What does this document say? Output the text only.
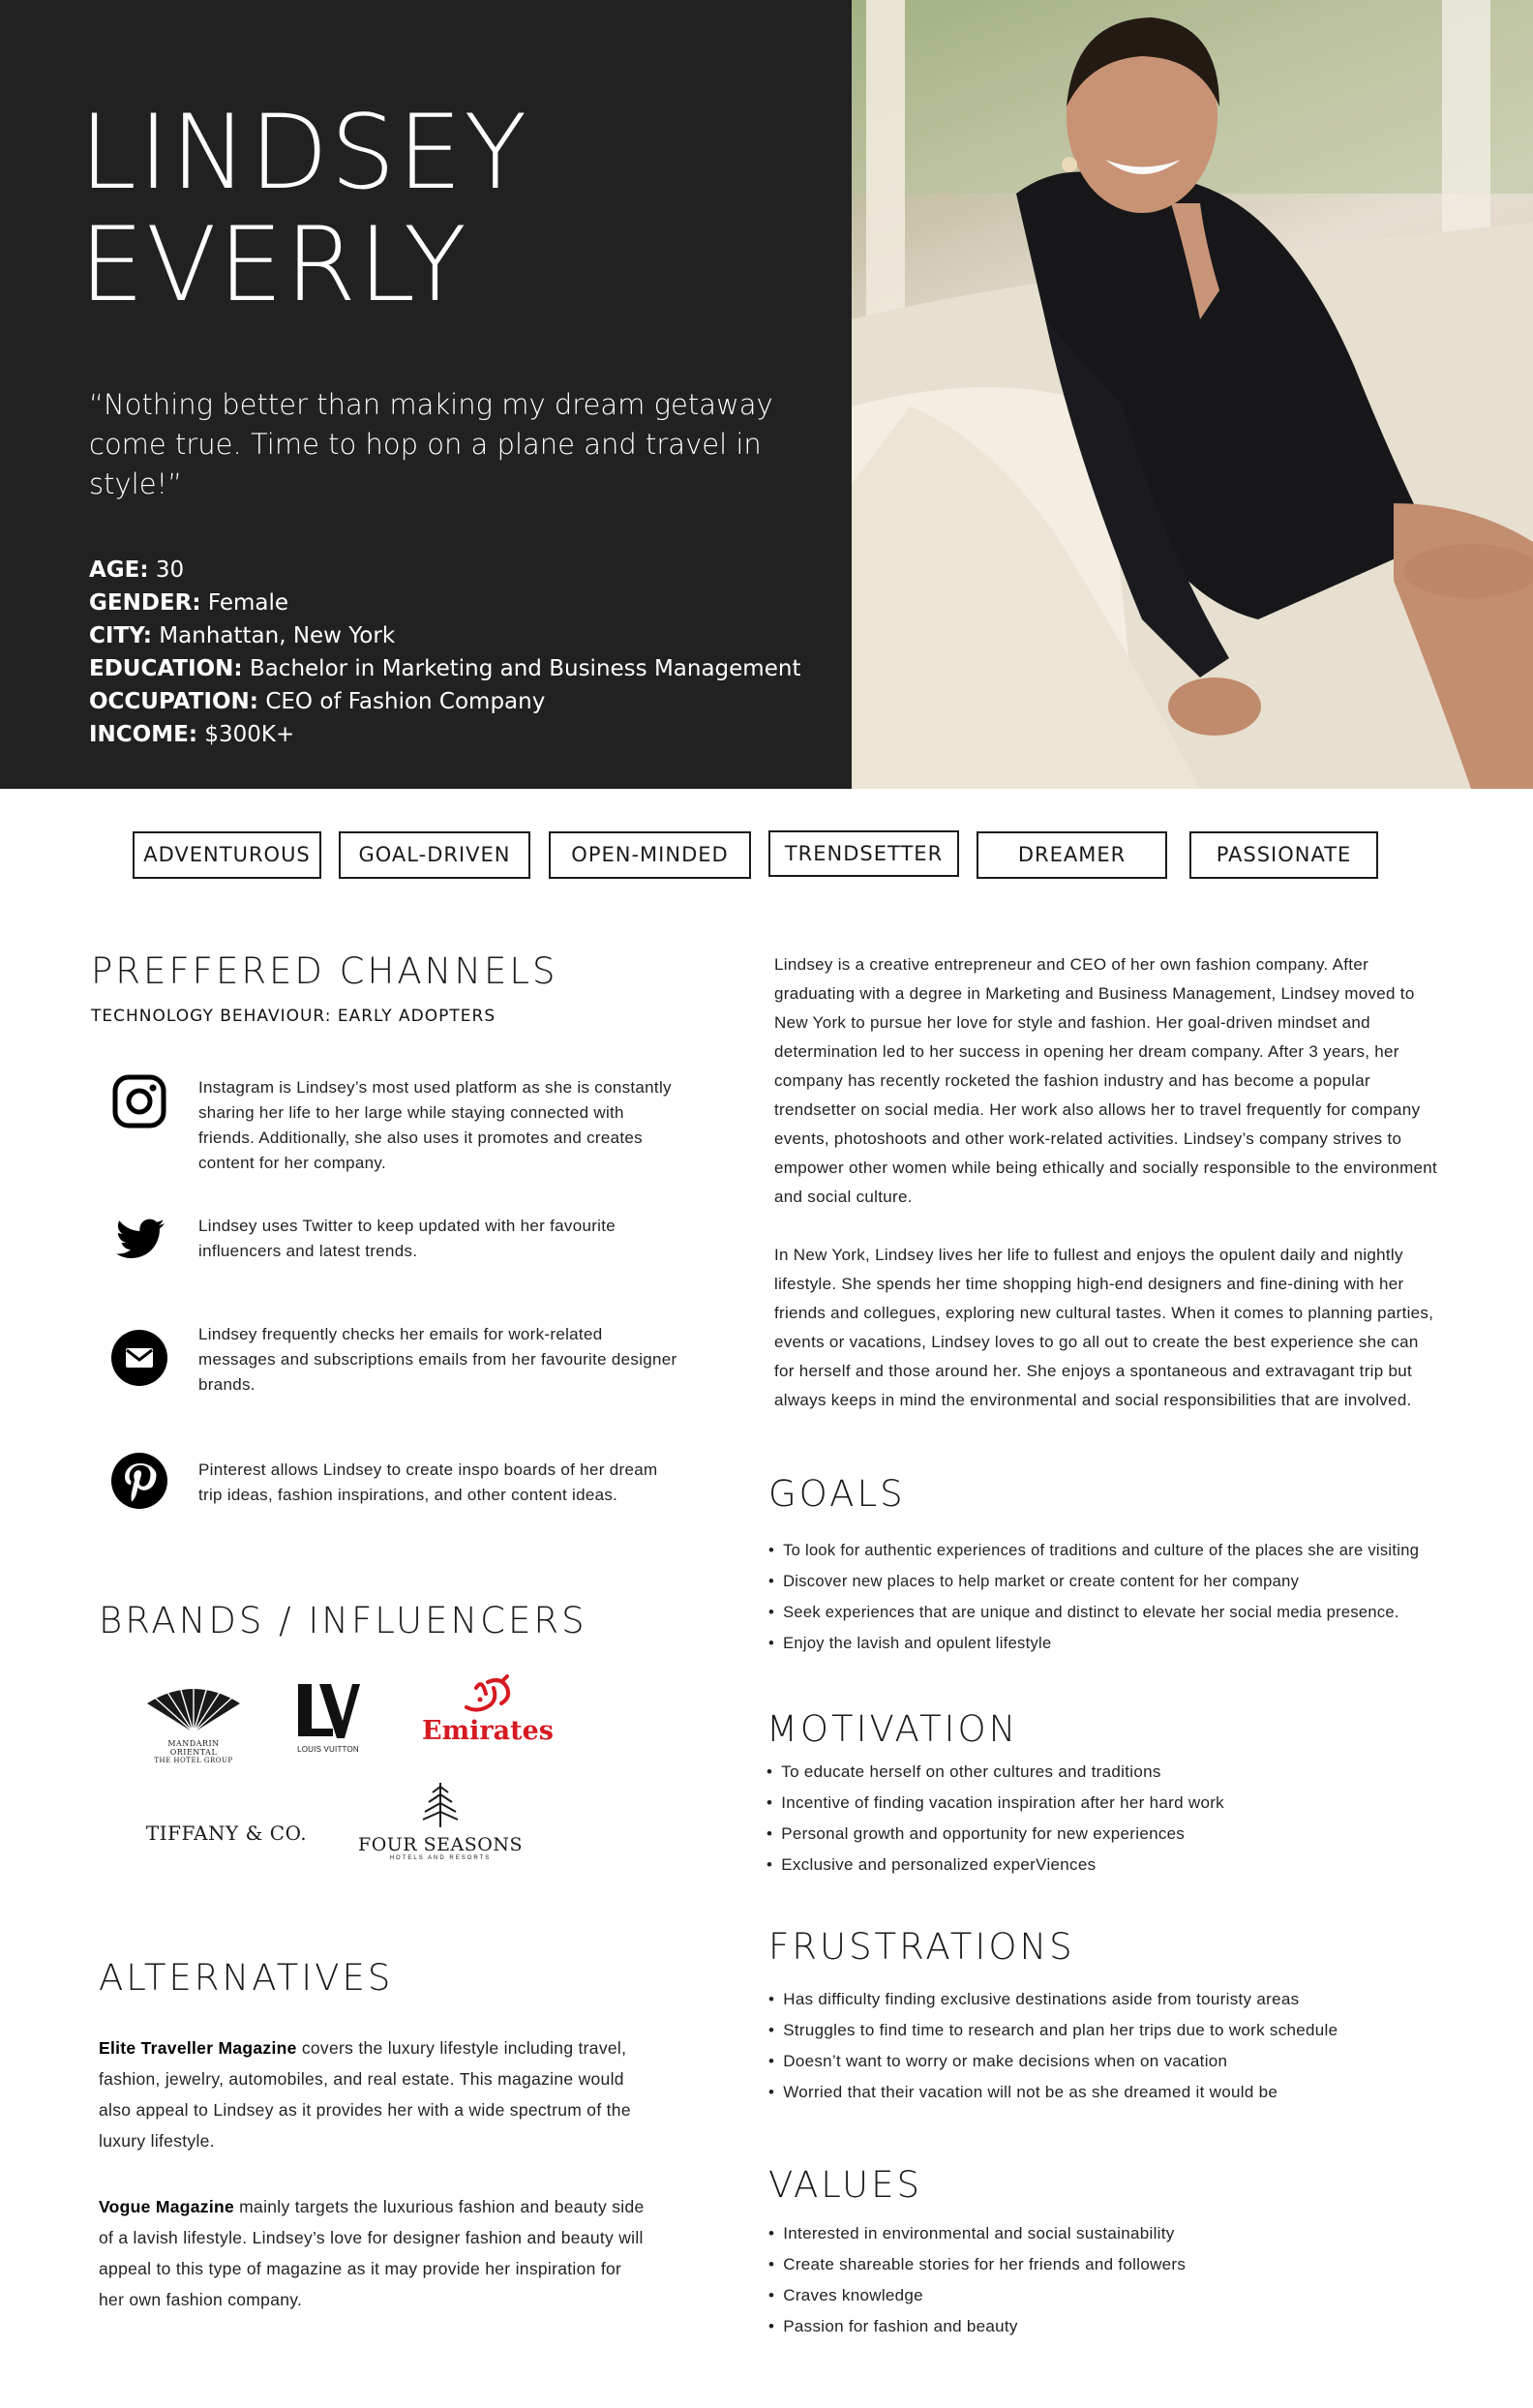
LINDSEY
EVERLY
“Nothing better than making my dream getaway come true. Time to hop on a plane and travel in style!”
AGE: 30
GENDER: Female
CITY: Manhattan, New York
EDUCATION: Bachelor in Marketing and Business Management
OCCUPATION: CEO of Fashion Company
INCOME: $300K+
ADVENTUROUS	GOAL-DRIVEN	OPEN-MINDED	TRENDSETTER	DREAMER	PASSIONATE
PREFFERED CHANNELS
TECHNOLOGY BEHAVIOUR: EARLY ADOPTERS
Instagram is Lindsey’s most used platform as she is constantly sharing her life to her large while staying connected with friends. Additionally, she also uses it promotes and creates content for her company.
Lindsey uses Twitter to keep updated with her favourite influencers and latest trends.
Lindsey frequently checks her emails for work-related messages and subscriptions emails from her favourite designer brands.
Pinterest allows Lindsey to create inspo boards of her dream trip ideas, fashion inspirations, and other content ideas.
BRANDS / INFLUENCERS
MANDARIN ORIENTAL
THE HOTEL GROUP
LOUIS VUITTON
Emirates
TIFFANY & CO.	FOUR SEASONS
HOTELS AND RESORTS
ALTERNATIVES
Elite Traveller Magazine covers the luxury lifestyle including travel, fashion, jewelry, automobiles, and real estate. This magazine would also appeal to Lindsey as it provides her with a wide spectrum of the luxury lifestyle.
Vogue Magazine mainly targets the luxurious fashion and beauty side of a lavish lifestyle. Lindsey’s love for designer fashion and beauty will appeal to this type of magazine as it may provide her inspiration for her own fashion company.
Lindsey is a creative entrepreneur and CEO of her own fashion company. After graduating with a degree in Marketing and Business Management, Lindsey moved to New York to pursue her love for style and fashion. Her goal-driven mindset and determination led to her success in opening her dream company. After 3 years, her company has recently rocketed the fashion industry and has become a popular trendsetter on social media. Her work also allows her to travel frequently for company events, photoshoots and other work-related activities. Lindsey’s company strives to empower other women while being ethically and socially responsible to the environment and social culture.
In New York, Lindsey lives her life to fullest and enjoys the opulent daily and nightly lifestyle. She spends her time shopping high-end designers and fine-dining with her friends and collegues, exploring new cultural tastes. When it comes to planning parties, events or vacations, Lindsey loves to go all out to create the best experience she can for herself and those around her. She enjoys a spontaneous and extravagant trip but always keeps in mind the environmental and social responsibilities that are involved.
GOALS
• To look for authentic experiences of traditions and culture of the places she are visiting
• Discover new places to help market or create content for her company
• Seek experiences that are unique and distinct to elevate her social media presence.
• Enjoy the lavish and opulent lifestyle
MOTIVATION
• To educate herself on other cultures and traditions
• Incentive of finding vacation inspiration after her hard work
• Personal growth and opportunity for new experiences
• Exclusive and personalized experViences
FRUSTRATIONS
• Has difficulty finding exclusive destinations aside from touristy areas
• Struggles to find time to research and plan her trips due to work schedule
• Doesn’t want to worry or make decisions when on vacation
• Worried that their vacation will not be as she dreamed it would be
VALUES
• Interested in environmental and social sustainability
• Create shareable stories for her friends and followers
• Craves knowledge
• Passion for fashion and beauty
